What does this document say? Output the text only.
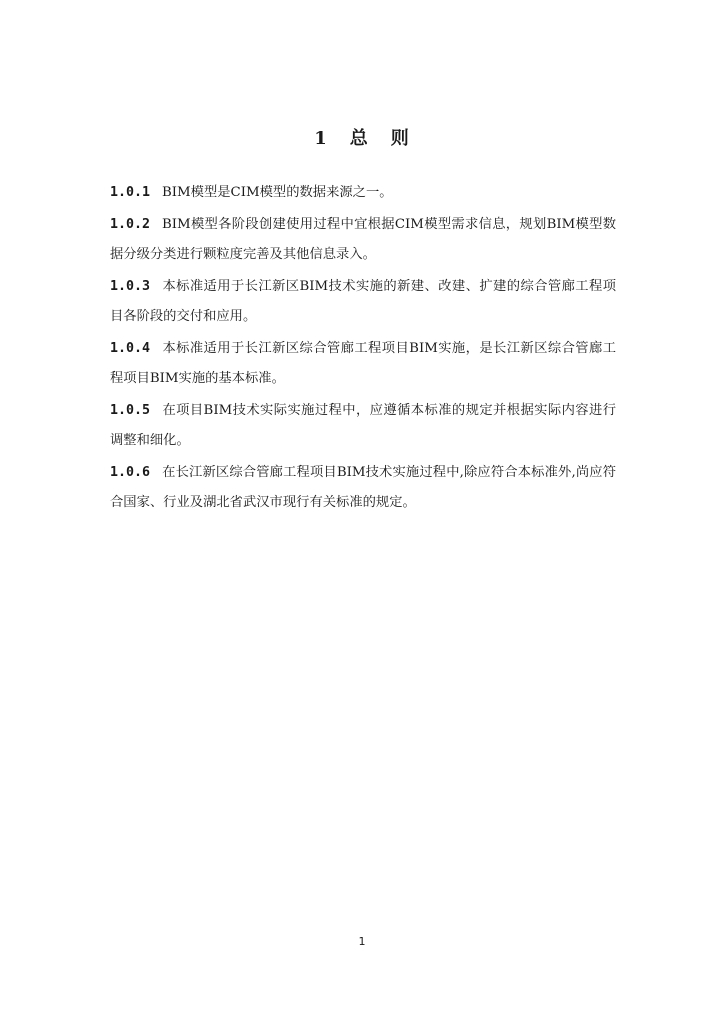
1 总 则

1.0.1 BIM模型是CIM模型的数据来源之一。

1.0.2 BIM模型各阶段创建使用过程中宜根据CIM模型需求信息，规划BIM模型数据分级分类进行颗粒度完善及其他信息录入。

1.0.3 本标准适用于长江新区BIM技术实施的新建、改建、扩建的综合管廊工程项目各阶段的交付和应用。

1.0.4 本标准适用于长江新区综合管廊工程项目BIM实施，是长江新区综合管廊工程项目BIM实施的基本标准。

1.0.5 在项目BIM技术实际实施过程中，应遵循本标准的规定并根据实际内容进行调整和细化。

1.0.6 在长江新区综合管廊工程项目BIM技术实施过程中,除应符合本标准外,尚应符合国家、行业及湖北省武汉市现行有关标准的规定。

1
